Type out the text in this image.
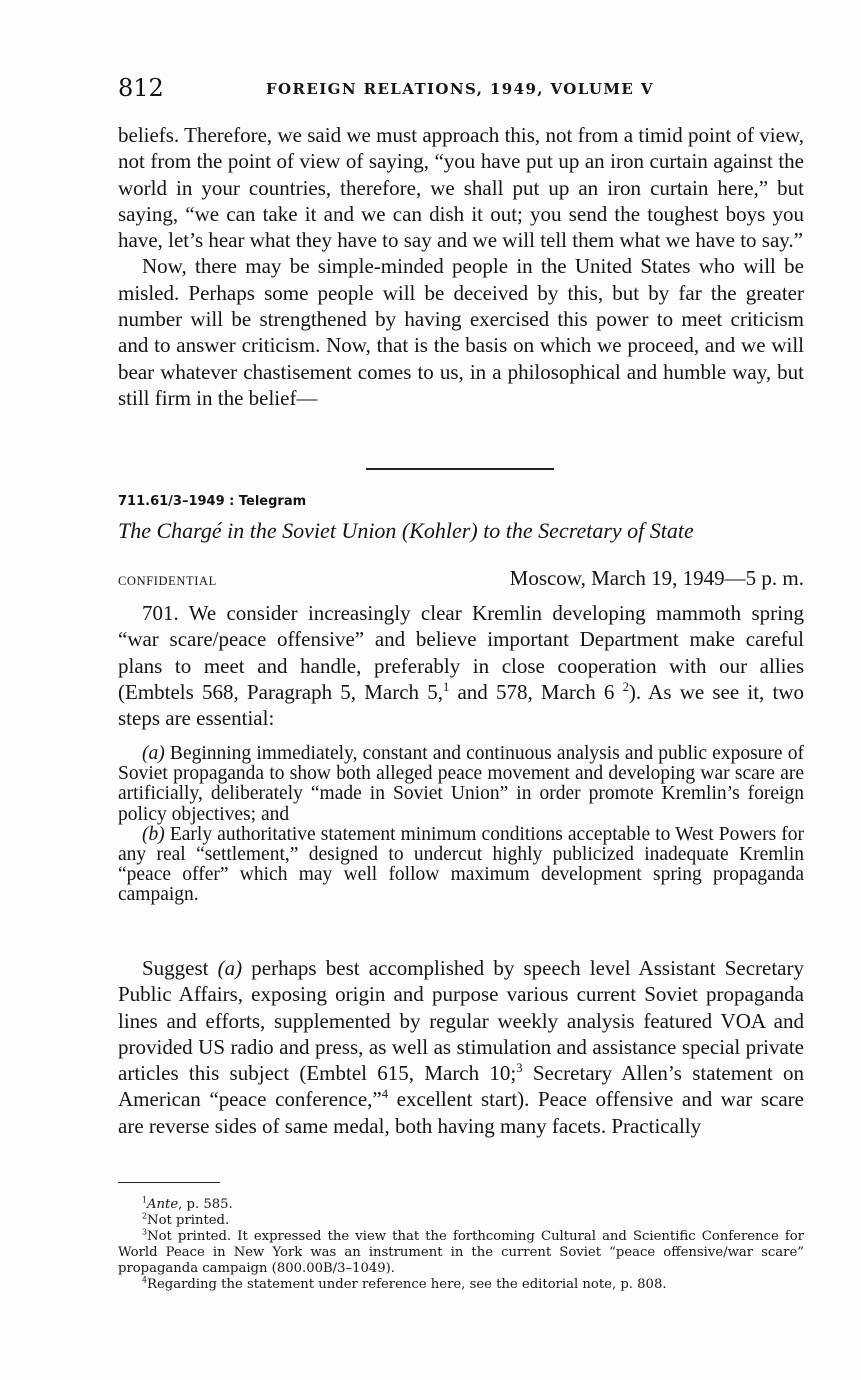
812	FOREIGN RELATIONS, 1949, VOLUME V

beliefs. Therefore, we said we must approach this, not from a timid point of view, not from the point of view of saying, “you have put up an iron curtain against the world in your countries, therefore, we shall put up an iron curtain here,” but saying, “we can take it and we can dish it out; you send the toughest boys you have, let’s hear what they have to say and we will tell them what we have to say.”

Now, there may be simple-minded people in the United States who will be misled. Perhaps some people will be deceived by this, but by far the greater number will be strengthened by having exercised this power to meet criticism and to answer criticism. Now, that is the basis on which we proceed, and we will bear whatever chastisement comes to us, in a philosophical and humble way, but still firm in the belief—

711.61/3–1949 : Telegram
The Chargé in the Soviet Union (Kohler) to the Secretary of State
CONFIDENTIAL	Moscow, March 19, 1949—5 p. m.

701. We consider increasingly clear Kremlin developing mammoth spring “war scare/peace offensive” and believe important Department make careful plans to meet and handle, preferably in close cooperation with our allies (Embtels 568, Paragraph 5, March 5,$^1$ and 578, March 6 $^2$). As we see it, two steps are essential:

(a) Beginning immediately, constant and continuous analysis and public exposure of Soviet propaganda to show both alleged peace movement and developing war scare are artificially, deliberately “made in Soviet Union” in order promote Kremlin’s foreign policy objectives; and

(b) Early authoritative statement minimum conditions acceptable to West Powers for any real “settlement,” designed to undercut highly publicized inadequate Kremlin “peace offer” which may well follow maximum development spring propaganda campaign.

Suggest (a) perhaps best accomplished by speech level Assistant Secretary Public Affairs, exposing origin and purpose various current Soviet propaganda lines and efforts, supplemented by regular weekly analysis featured VOA and provided US radio and press, as well as stimulation and assistance special private articles this subject (Embtel 615, March 10;$^3$ Secretary Allen’s statement on American “peace conference,”$^4$ excellent start). Peace offensive and war scare are reverse sides of same medal, both having many facets. Practically

$^1$Ante, p. 585.

$^2$Not printed.

$^3$Not printed. It expressed the view that the forthcoming Cultural and Scientific Conference for World Peace in New York was an instrument in the current Soviet “peace offensive/war scare” propaganda campaign (800.00B/3–1049).

$^4$Regarding the statement under reference here, see the editorial note, p. 808.
